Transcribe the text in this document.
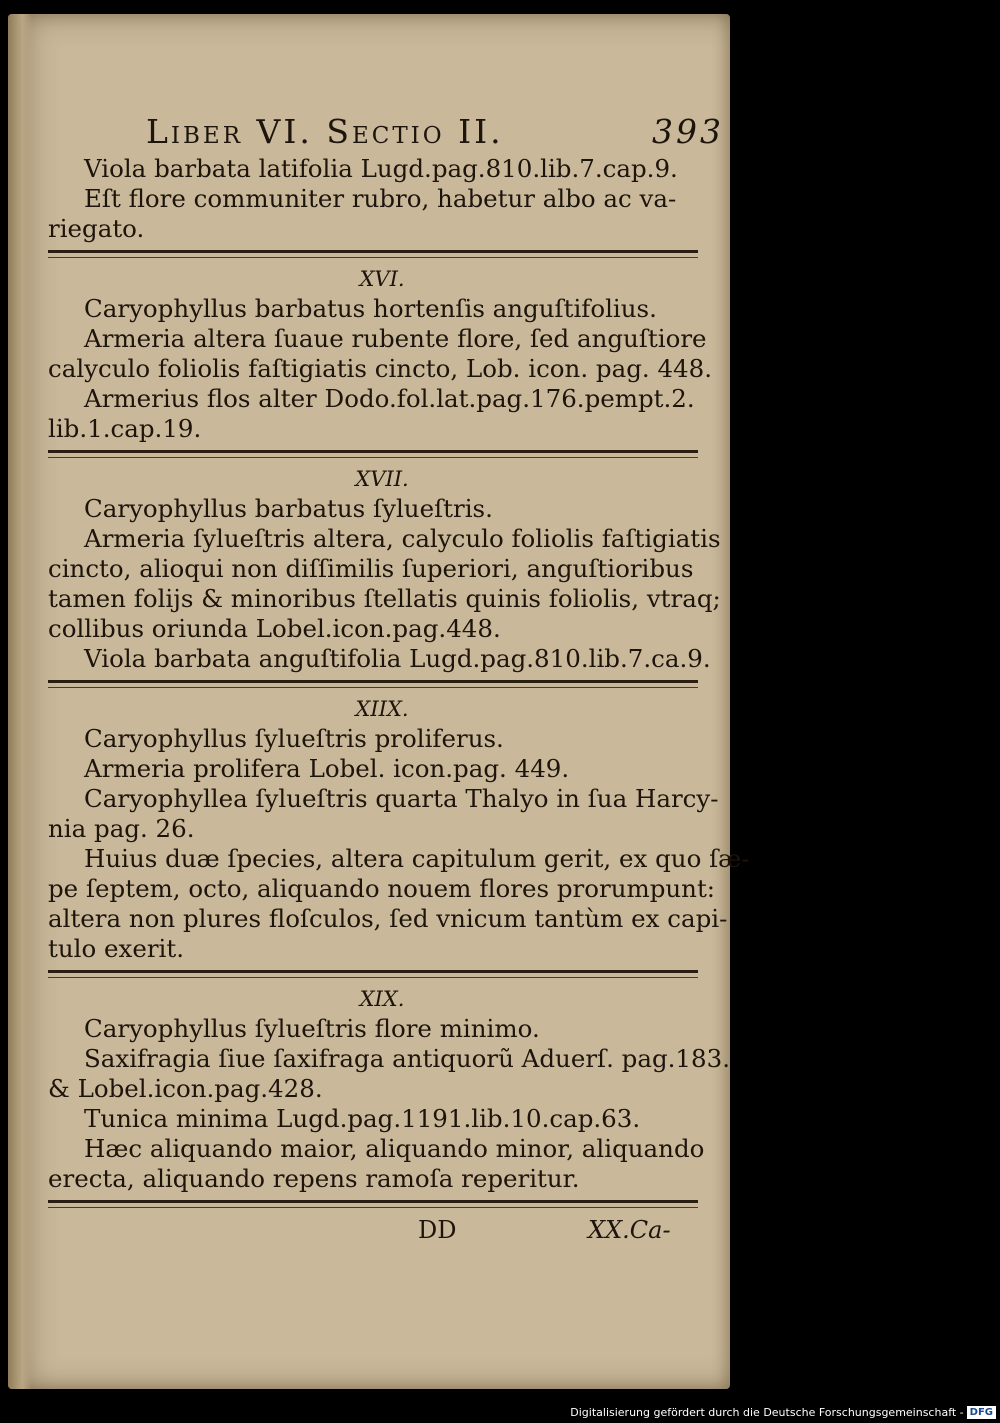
Liber VI. Sectio II.	393
Viola barbata latifolia Lugd.pag.810.lib.7.cap.9.
Eſt flore communiter rubro, habetur albo ac va-
riegato.
XVI.
Caryophyllus barbatus hortenſis anguſtifolius.
Armeria altera ſuaue rubente flore, ſed anguſtiore
calyculo foliolis faſtigiatis cincto, Lob. icon. pag. 448.
Armerius flos alter Dodo.fol.lat.pag.176.pempt.2.
lib.1.cap.19.
XVII.
Caryophyllus barbatus ſylueſtris.
Armeria ſylueſtris altera, calyculo foliolis faſtigiatis
cincto, alioqui non diſſimilis ſuperiori, anguſtioribus
tamen folijs & minoribus ſtellatis quinis foliolis, vtraq;
collibus oriunda Lobel.icon.pag.448.
Viola barbata anguſtifolia Lugd.pag.810.lib.7.ca.9.
XIIX.
Caryophyllus ſylueſtris proliferus.
Armeria prolifera Lobel. icon.pag. 449.
Caryophyllea ſylueſtris quarta Thalyo in ſua Harcy-
nia pag. 26.
Huius duæ ſpecies, altera capitulum gerit, ex quo ſæ-
pe ſeptem, octo, aliquando nouem flores prorumpunt:
altera non plures floſculos, ſed vnicum tantùm ex capi-
tulo exerit.
XIX.
Caryophyllus ſylueſtris flore minimo.
Saxifragia ſiue ſaxifraga antiquorũ Aduerſ. pag.183.
& Lobel.icon.pag.428.
Tunica minima Lugd.pag.1191.lib.10.cap.63.
Hæc aliquando maior, aliquando minor, aliquando
erecta, aliquando repens ramoſa reperitur.
DD	XX.Ca-
Digitalisierung gefördert durch die Deutsche Forschungsgemeinschaft - DFG
